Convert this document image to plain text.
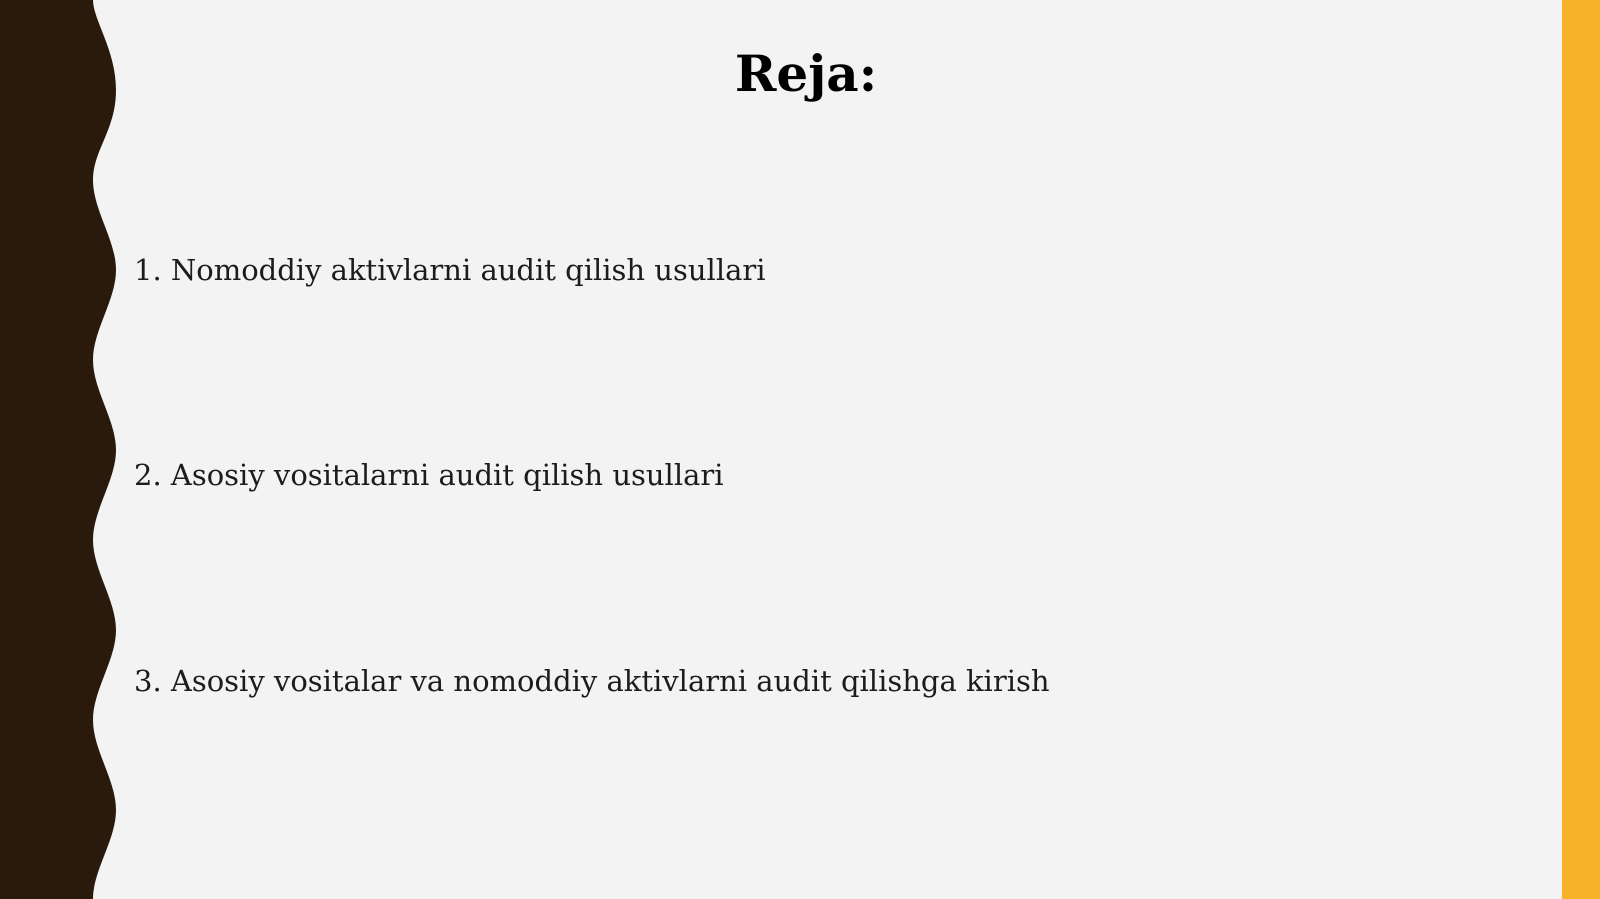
Reja:
1. Nomoddiy aktivlarni audit qilish usullari
2. Asosiy vositalarni audit qilish usullari
3. Asosiy vositalar va nomoddiy aktivlarni audit qilishga kirish
